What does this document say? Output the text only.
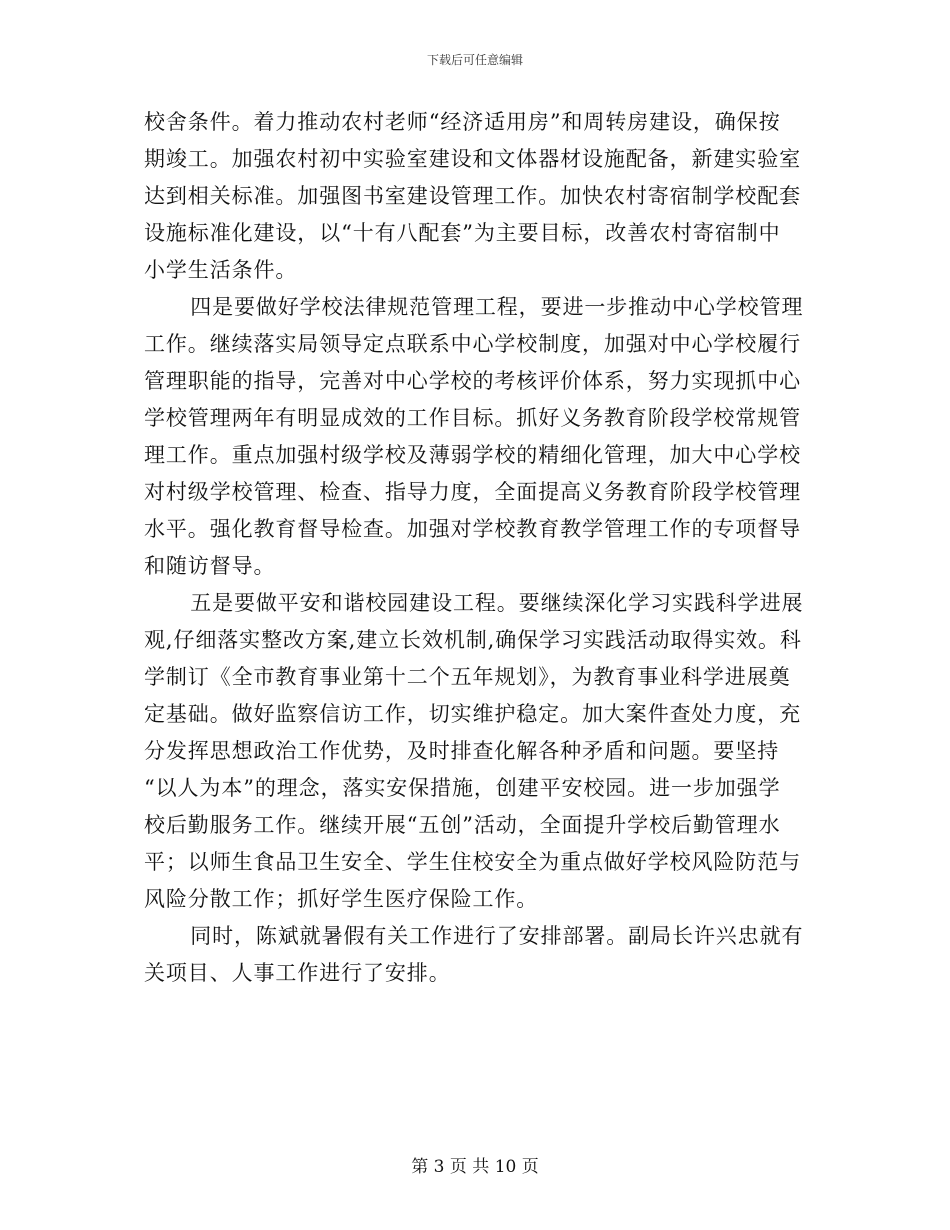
下载后可任意编辑
校舍条件。着力推动农村老师“经济适用房”和周转房建设，确保按
期竣工。加强农村初中实验室建设和文体器材设施配备，新建实验室
达到相关标准。加强图书室建设管理工作。加快农村寄宿制学校配套
设施标准化建设，以“十有八配套”为主要目标，改善农村寄宿制中
小学生活条件。
四是要做好学校法律规范管理工程，要进一步推动中心学校管理
工作。继续落实局领导定点联系中心学校制度，加强对中心学校履行
管理职能的指导，完善对中心学校的考核评价体系，努力实现抓中心
学校管理两年有明显成效的工作目标。抓好义务教育阶段学校常规管
理工作。重点加强村级学校及薄弱学校的精细化管理，加大中心学校
对村级学校管理、检查、指导力度，全面提高义务教育阶段学校管理
水平。强化教育督导检查。加强对学校教育教学管理工作的专项督导
和随访督导。
五是要做平安和谐校园建设工程。要继续深化学习实践科学进展
观,仔细落实整改方案,建立长效机制,确保学习实践活动取得实效。科
学制订《全市教育事业第十二个五年规划》，为教育事业科学进展奠
定基础。做好监察信访工作，切实维护稳定。加大案件查处力度，充
分发挥思想政治工作优势，及时排查化解各种矛盾和问题。要坚持
“以人为本”的理念，落实安保措施，创建平安校园。进一步加强学
校后勤服务工作。继续开展“五创”活动，全面提升学校后勤管理水
平；以师生食品卫生安全、学生住校安全为重点做好学校风险防范与
风险分散工作；抓好学生医疗保险工作。
同时，陈斌就暑假有关工作进行了安排部署。副局长许兴忠就有
关项目、人事工作进行了安排。
第 3 页 共 10 页
